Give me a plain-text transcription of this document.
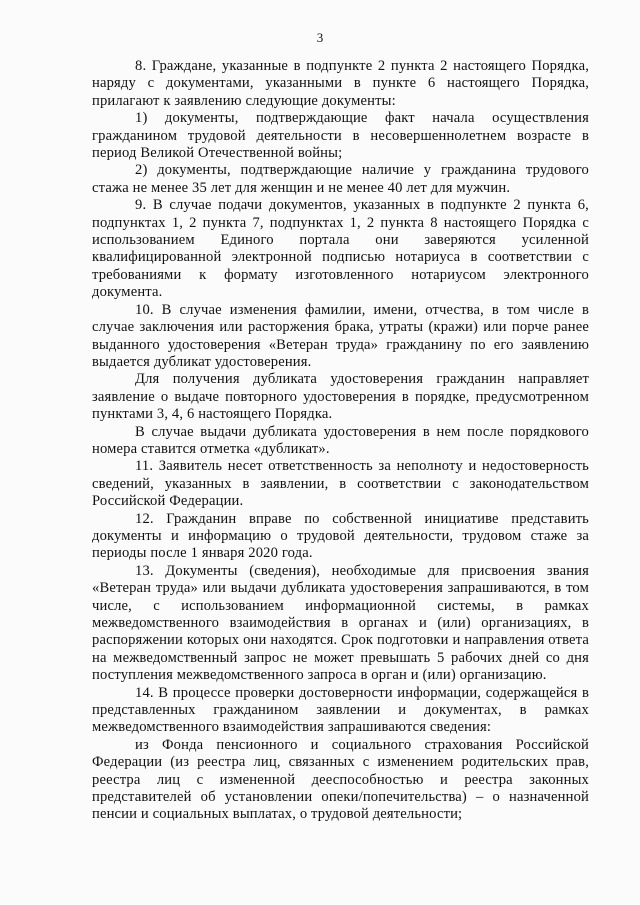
3

8. Граждане, указанные в подпункте 2 пункта 2 настоящего Порядка, наряду с документами, указанными в пункте 6 настоящего Порядка, прилагают к заявлению следующие документы:

1) документы, подтверждающие факт начала осуществления гражданином трудовой деятельности в несовершеннолетнем возрасте в период Великой Отечественной войны;

2) документы, подтверждающие наличие у гражданина трудового стажа не менее 35 лет для женщин и не менее 40 лет для мужчин.

9. В случае подачи документов, указанных в подпункте 2 пункта 6, подпунктах 1, 2 пункта 7, подпунктах 1, 2 пункта 8 настоящего Порядка с использованием Единого портала они заверяются усиленной квалифицированной электронной подписью нотариуса в соответствии с требованиями к формату изготовленного нотариусом электронного документа.

10. В случае изменения фамилии, имени, отчества, в том числе в случае заключения или расторжения брака, утраты (кражи) или порче ранее выданного удостоверения «Ветеран труда» гражданину по его заявлению выдается дубликат удостоверения.

Для получения дубликата удостоверения гражданин направляет заявление о выдаче повторного удостоверения в порядке, предусмотренном пунктами 3, 4, 6 настоящего Порядка.

В случае выдачи дубликата удостоверения в нем после порядкового номера ставится отметка «дубликат».

11. Заявитель несет ответственность за неполноту и недостоверность сведений, указанных в заявлении, в соответствии с законодательством Российской Федерации.

12. Гражданин вправе по собственной инициативе представить документы и информацию о трудовой деятельности, трудовом стаже за периоды после 1 января 2020 года.

13. Документы (сведения), необходимые для присвоения звания «Ветеран труда» или выдачи дубликата удостоверения запрашиваются, в том числе, с использованием информационной системы, в рамках межведомственного взаимодействия в органах и (или) организациях, в распоряжении которых они находятся. Срок подготовки и направления ответа на межведомственный запрос не может превышать 5 рабочих дней со дня поступления межведомственного запроса в орган и (или) организацию.

14. В процессе проверки достоверности информации, содержащейся в представленных гражданином заявлении и документах, в рамках межведомственного взаимодействия запрашиваются сведения:

из Фонда пенсионного и социального страхования Российской Федерации (из реестра лиц, связанных с изменением родительских прав, реестра лиц с измененной дееспособностью и реестра законных представителей об установлении опеки/попечительства) – о назначенной пенсии и социальных выплатах, о трудовой деятельности;
